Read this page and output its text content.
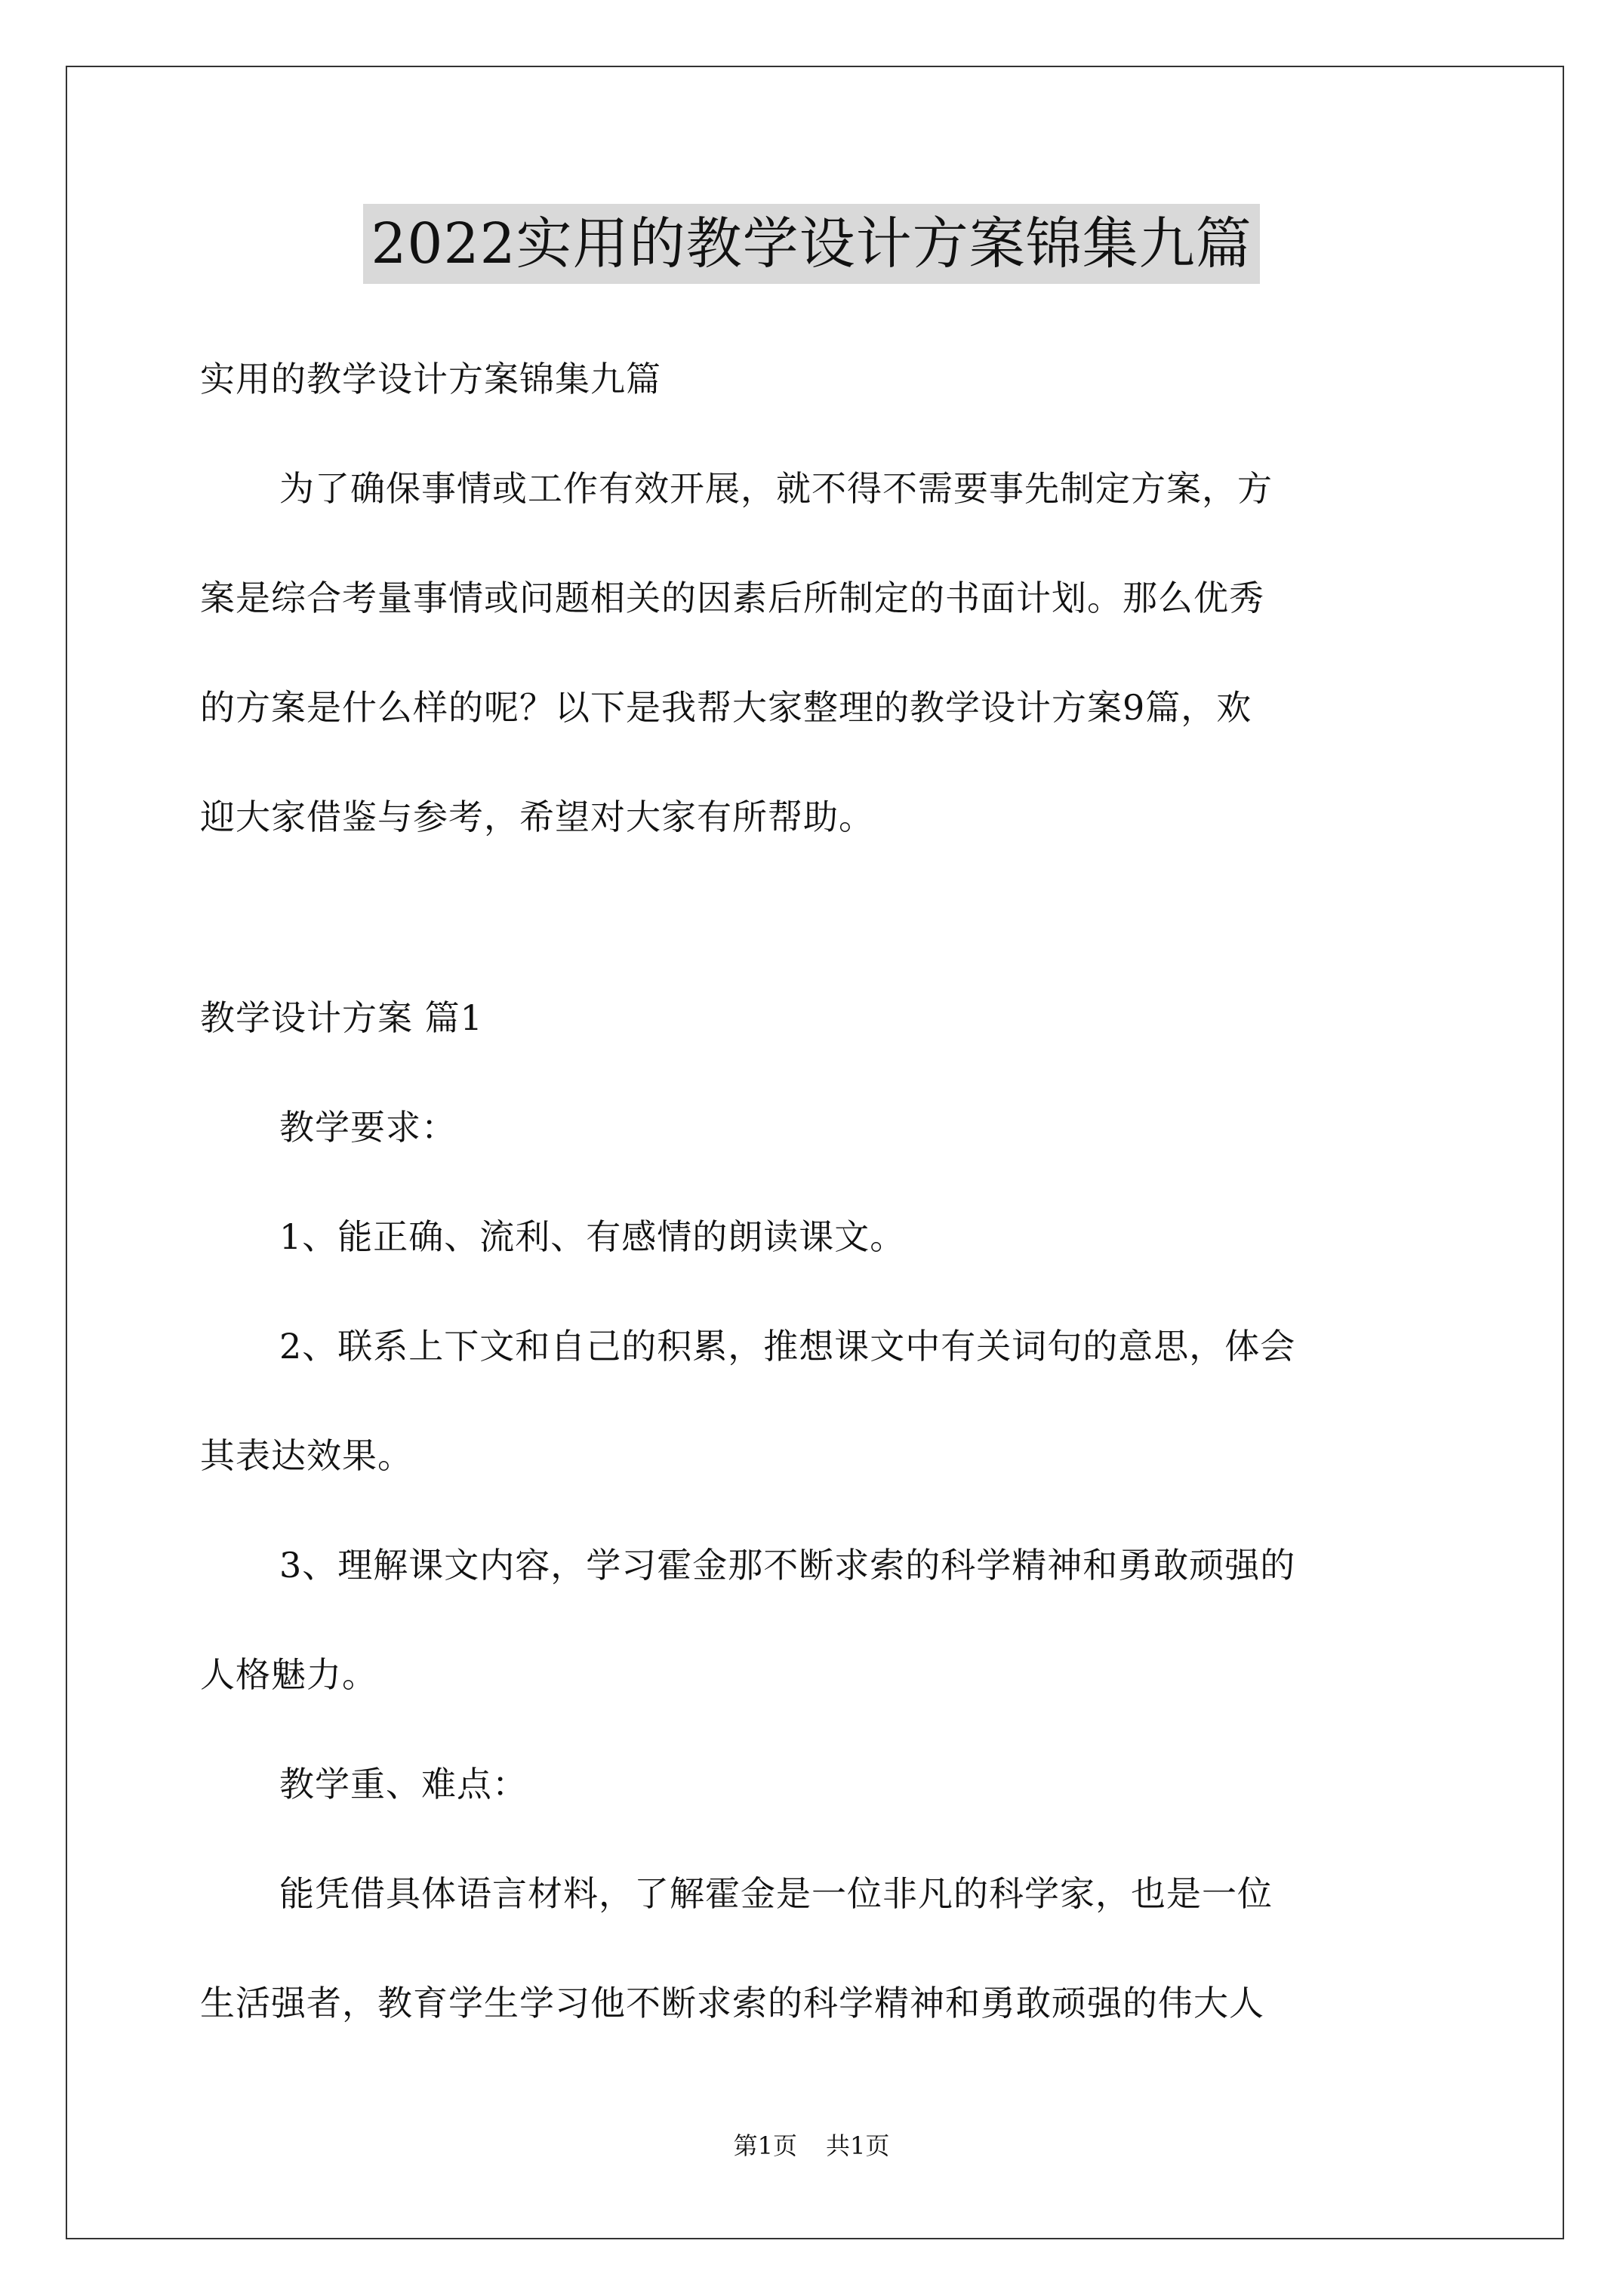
2022实用的教学设计方案锦集九篇
实用的教学设计方案锦集九篇
为了确保事情或工作有效开展，就不得不需要事先制定方案，方
案是综合考量事情或问题相关的因素后所制定的书面计划。那么优秀
的方案是什么样的呢？以下是我帮大家整理的教学设计方案9篇，欢
迎大家借鉴与参考，希望对大家有所帮助。
教学设计方案 篇1
教学要求：
1、能正确、流利、有感情的朗读课文。
2、联系上下文和自己的积累，推想课文中有关词句的意思，体会
其表达效果。
3、理解课文内容，学习霍金那不断求索的科学精神和勇敢顽强的
人格魅力。
教学重、难点：
能凭借具体语言材料，了解霍金是一位非凡的科学家，也是一位
生活强者，教育学生学习他不断求索的科学精神和勇敢顽强的伟大人
第1页 共1页
